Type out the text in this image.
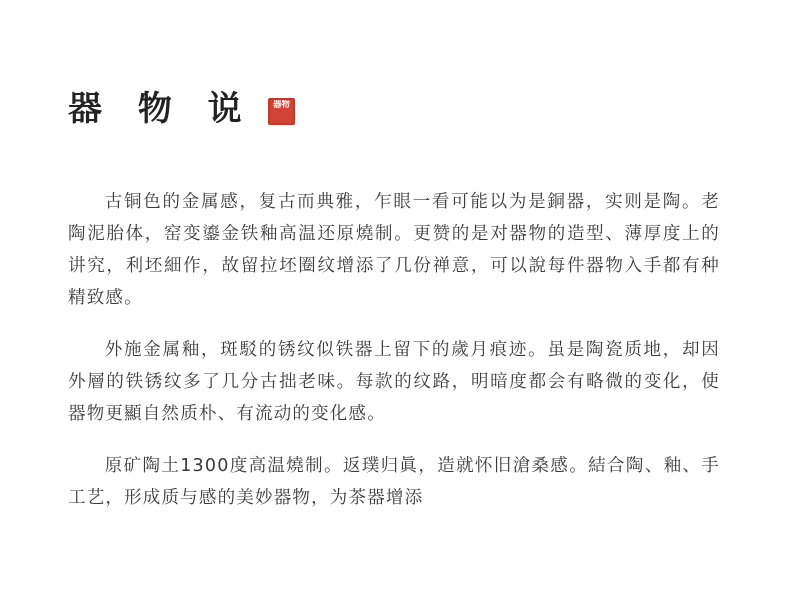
器 物 说 器物

古铜色的金属感，复古而典雅，乍眼一看可能以为是銅器，实则是陶。老陶泥胎体，窑变鎏金铁釉高温还原燒制。更赞的是对器物的造型、薄厚度上的讲究，利坯細作，故留拉坯圈纹增添了几份禅意，可以說每件器物入手都有种精致感。

外施金属釉，斑駁的锈纹似铁器上留下的歲月痕迹。虽是陶瓷质地，却因外層的铁锈纹多了几分古拙老味。每款的纹路，明暗度都会有略微的变化，使器物更顯自然质朴、有流动的变化感。

原矿陶土1300度高温燒制。返璞归眞，造就怀旧滄桑感。結合陶、釉、手工艺，形成质与感的美妙器物，为茶器增添
